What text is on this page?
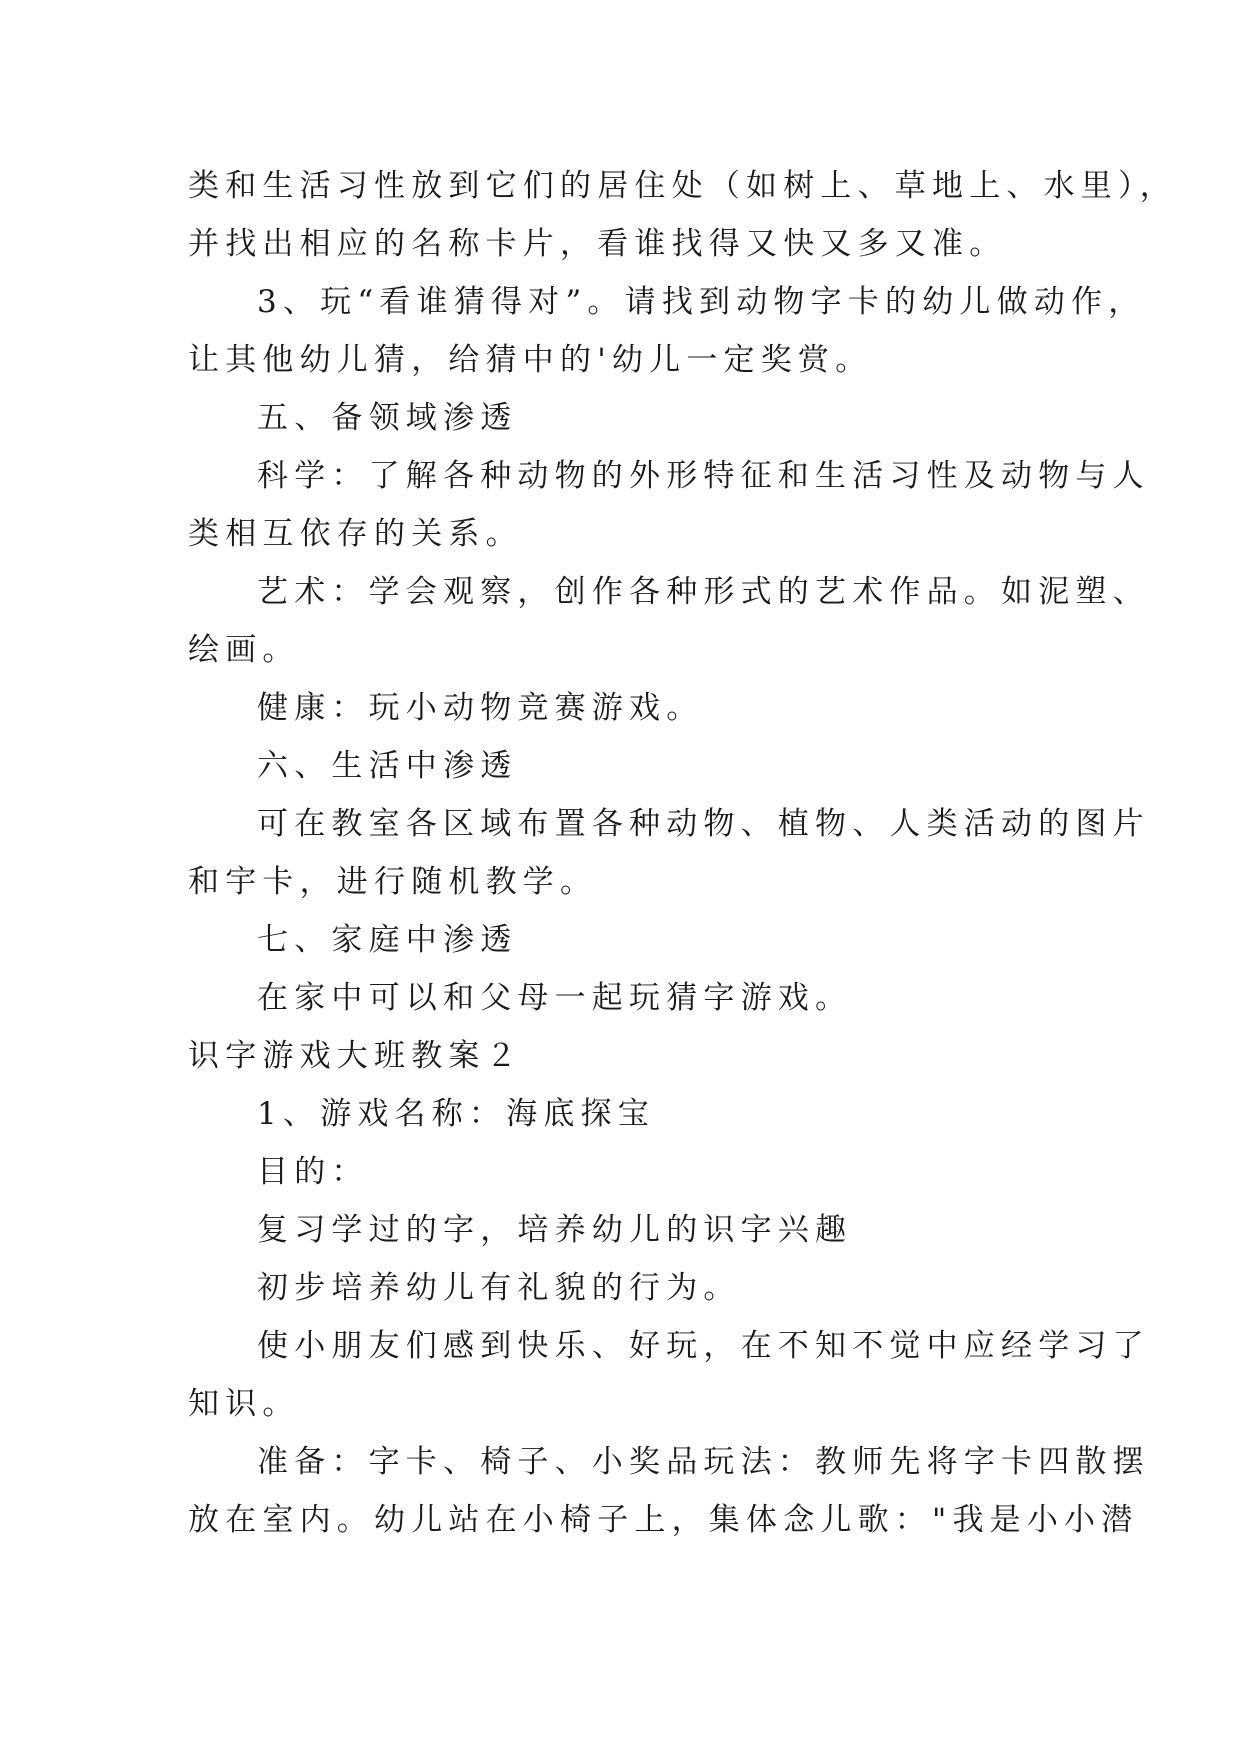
类和生活习性放到它们的居住处（如树上、草地上、水里），
并找出相应的名称卡片，看谁找得又快又多又准。
3、玩“看谁猜得对”。请找到动物字卡的幼儿做动作，
让其他幼儿猜，给猜中的'幼儿一定奖赏。
五、备领域渗透
科学：了解各种动物的外形特征和生活习性及动物与人
类相互依存的关系。
艺术：学会观察，创作各种形式的艺术作品。如泥塑、
绘画。
健康：玩小动物竞赛游戏。
六、生活中渗透
可在教室各区域布置各种动物、植物、人类活动的图片
和宇卡，进行随机教学。
七、家庭中渗透
在家中可以和父母一起玩猜字游戏。
识字游戏大班教案２
1、游戏名称：海底探宝
目的：
复习学过的字，培养幼儿的识字兴趣
初步培养幼儿有礼貌的行为。
使小朋友们感到快乐、好玩，在不知不觉中应经学习了
知识。
准备：字卡、椅子、小奖品玩法：教师先将字卡四散摆
放在室内。幼儿站在小椅子上，集体念儿歌："我是小小潜
